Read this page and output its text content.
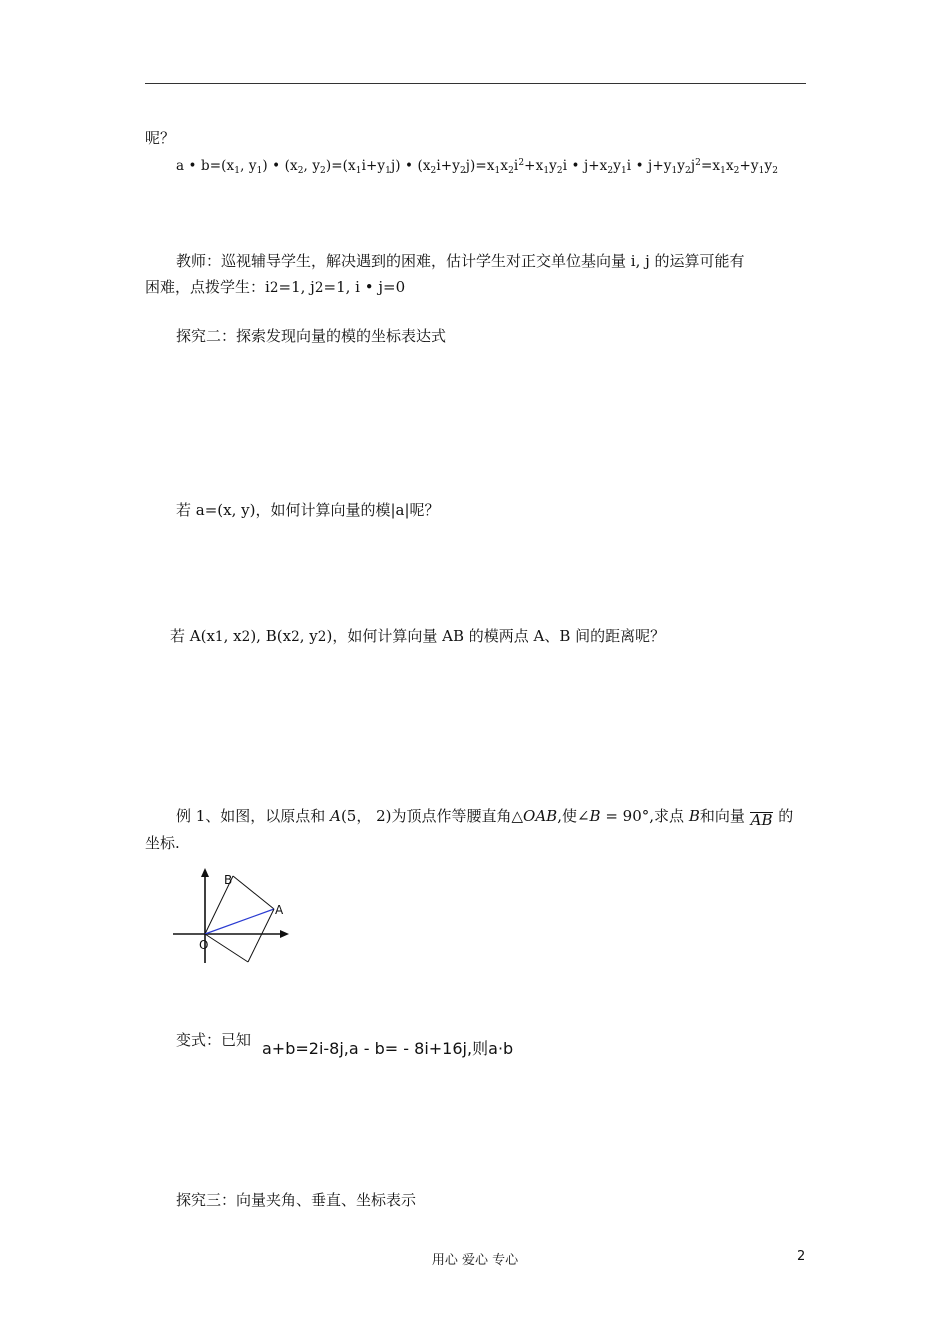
呢？
a • $b=(x_1$, $y_1$) • ($x_2$, $y_2)=(x_1i+y_1j)$ • $(x_2i+y_2j)=x_1x_2i^2+x_1y_2i$ • $j+x_2y_1i$ • $j+y_1y_2j^2=x_1x_2+y_1y_2$
教师：巡视辅导学生，解决遇到的困难，估计学生对正交单位基向量 i, j 的运算可能有
困难，点拨学生：i2=1, j2=1, i • j=0
探究二：探索发现向量的模的坐标表达式
若 a=(x, y)，如何计算向量的模|a|呢？
若 A(x1, x2), B(x2, y2)，如何计算向量 AB 的模两点 A、B 间的距离呢？
例 1、如图，以原点和 A(5， 2)为顶点作等腰直角△OAB,使∠B = 90°,求点 B和向量 AB 的
坐标.
B
A
O
变式：已知 a+b=2i-8j,a - b= - 8i+16j,则a⋅b
探究三：向量夹角、垂直、坐标表示
用心 爱心 专心	2
